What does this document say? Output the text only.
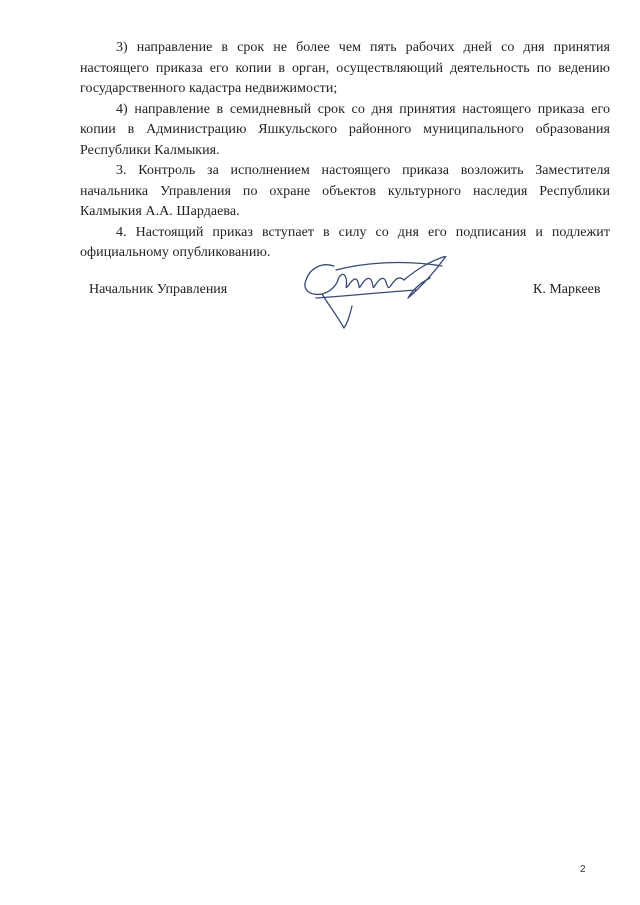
3) направление в срок не более чем пять рабочих дней со дня принятия настоящего приказа его копии в орган, осуществляющий деятельность по ведению государственного кадастра недвижимости;

4) направление в семидневный срок со дня принятия настоящего приказа его копии в Администрацию Яшкульского районного муниципального образования Республики Калмыкия.

3. Контроль за исполнением настоящего приказа возложить Заместителя начальника Управления по охране объектов культурного наследия Республики Калмыкия А.А. Шардаева.

4. Настоящий приказ вступает в силу со дня его подписания и подлежит официальному опубликованию.

Начальник Управления	К. Маркеев
2
